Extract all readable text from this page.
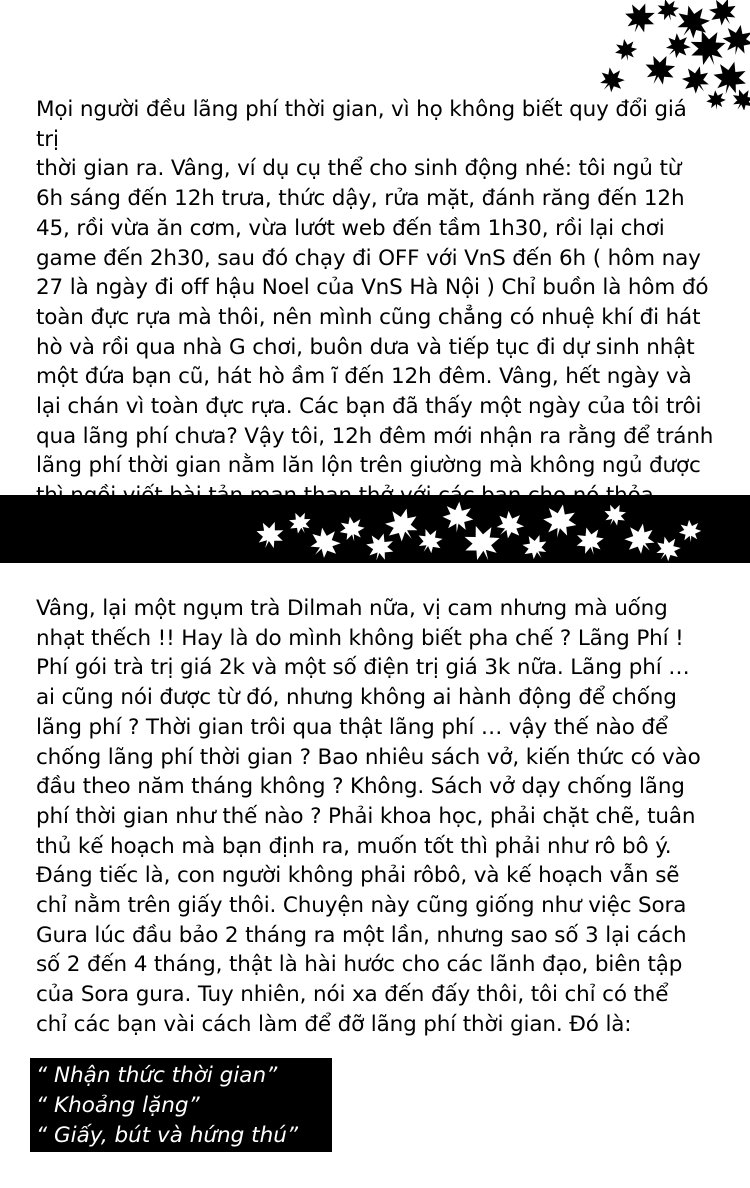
Mọi người đều lãng phí thời gian, vì họ không biết quy đổi giá trị
thời gian ra. Vâng, ví dụ cụ thể cho sinh động nhé: tôi ngủ từ
6h sáng đến 12h trưa, thức dậy, rửa mặt, đánh răng đến 12h
45, rồi vừa ăn cơm, vừa lướt web đến tầm 1h30, rồi lại chơi
game đến 2h30, sau đó chạy đi OFF với VnS đến 6h ( hôm nay
27 là ngày đi off hậu Noel của VnS Hà Nội ) Chỉ buồn là hôm đó
toàn đực rựa mà thôi, nên mình cũng chẳng có nhuệ khí đi hát
hò và rồi qua nhà G chơi, buôn dưa và tiếp tục đi dự sinh nhật
một đứa bạn cũ, hát hò ầm ĩ đến 12h đêm. Vâng, hết ngày và
lại chán vì toàn đực rựa. Các bạn đã thấy một ngày của tôi trôi
qua lãng phí chưa? Vậy tôi, 12h đêm mới nhận ra rằng để tránh
lãng phí thời gian nằm lăn lộn trên giường mà không ngủ được

Vâng, lại một ngụm trà Dilmah nữa, vị cam nhưng mà uống
nhạt thếch !! Hay là do mình không biết pha chế ? Lãng Phí !
Phí gói trà trị giá 2k và một số điện trị giá 3k nữa. Lãng phí …
ai cũng nói được từ đó, nhưng không ai hành động để chống
lãng phí ? Thời gian trôi qua thật lãng phí … vậy thế nào để
chống lãng phí thời gian ? Bao nhiêu sách vở, kiến thức có vào
đầu theo năm tháng không ? Không. Sách vở dạy chống lãng
phí thời gian như thế nào ? Phải khoa học, phải chặt chẽ, tuân
thủ kế hoạch mà bạn định ra, muốn tốt thì phải như rô bô ý.
Đáng tiếc là, con người không phải rôbô, và kế hoạch vẫn sẽ
chỉ nằm trên giấy thôi. Chuyện này cũng giống như việc Sora
Gura lúc đầu bảo 2 tháng ra một lần, nhưng sao số 3 lại cách
số 2 đến 4 tháng, thật là hài hước cho các lãnh đạo, biên tập
của Sora gura. Tuy nhiên, nói xa đến đấy thôi, tôi chỉ có thể
chỉ các bạn vài cách làm để đỡ lãng phí thời gian. Đó là:

“ Nhận thức thời gian”
“ Khoảng lặng”
“ Giấy, bút và hứng thú”
